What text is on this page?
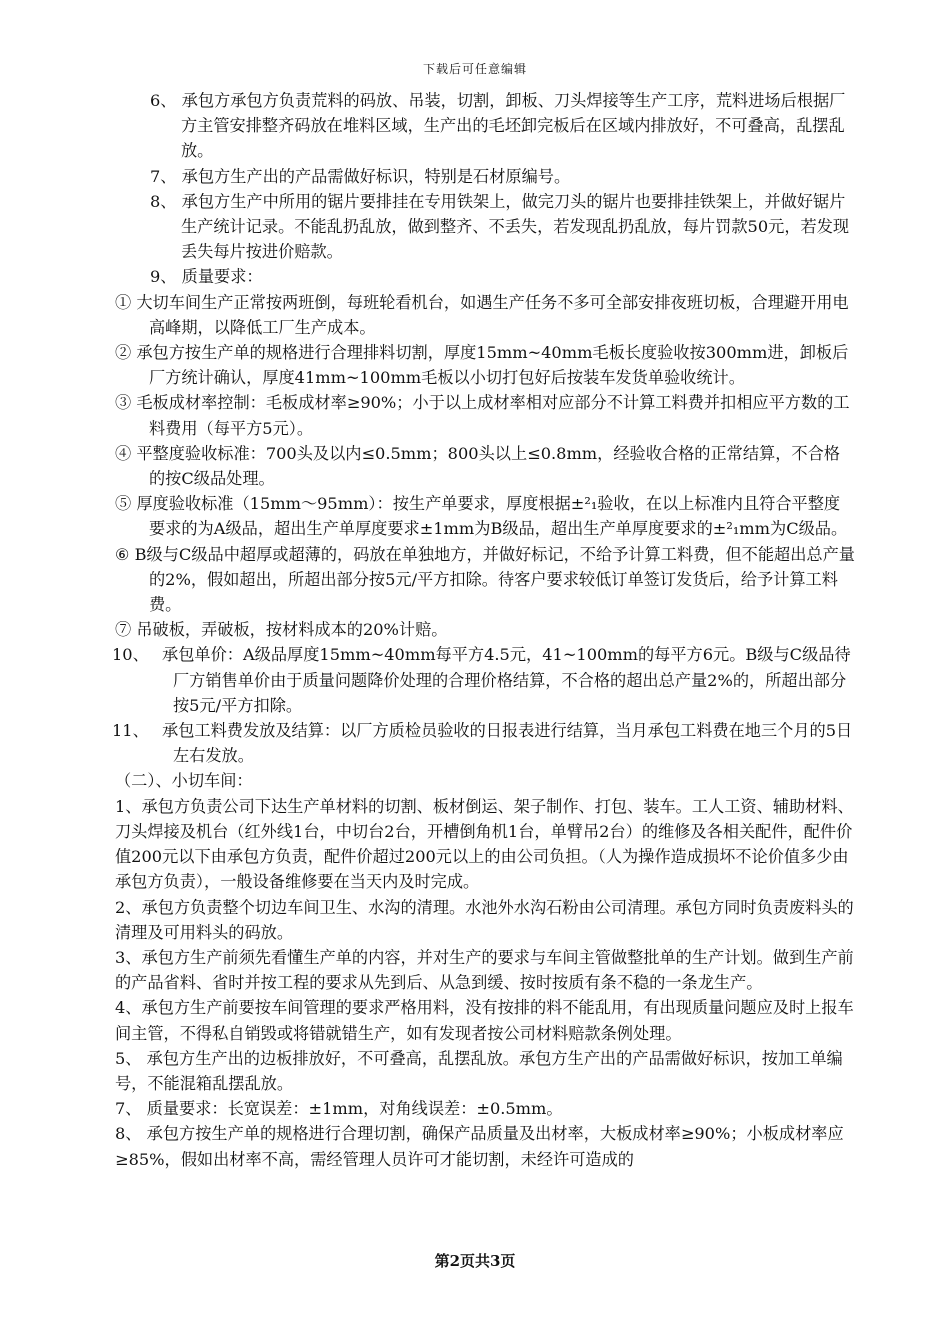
下载后可任意编辑

6、 承包方承包方负责荒料的码放、吊装，切割，卸板、刀头焊接等生产工序，荒料进场后根据厂方主管安排整齐码放在堆料区域，生产出的毛坯卸完板后在区域内排放好，不可叠高，乱摆乱放。

7、 承包方生产出的产品需做好标识，特别是石材原编号。

8、 承包方生产中所用的锯片要排挂在专用铁架上，做完刀头的锯片也要排挂铁架上，并做好锯片生产统计记录。不能乱扔乱放，做到整齐、不丢失，若发现乱扔乱放，每片罚款50元，若发现丢失每片按进价赔款。

9、 质量要求：

① 大切车间生产正常按两班倒，每班轮看机台，如遇生产任务不多可全部安排夜班切板，合理避开用电高峰期，以降低工厂生产成本。

② 承包方按生产单的规格进行合理排料切割，厚度15mm~40mm毛板长度验收按300mm进，卸板后厂方统计确认，厚度41mm~100mm毛板以小切打包好后按装车发货单验收统计。

③ 毛板成材率控制：毛板成材率≥90%；小于以上成材率相对应部分不计算工料费并扣相应平方数的工料费用（每平方5元）。

④ 平整度验收标准：700头及以内≤0.5mm；800头以上≤0.8mm，经验收合格的正常结算，不合格的按C级品处理。

⑤ 厚度验收标准（15mm～95mm）：按生产单要求，厚度根据±²₁验收，在以上标准内且符合平整度要求的为A级品，超出生产单厚度要求±1mm为B级品，超出生产单厚度要求的±²₁mm为C级品。

⑥ B级与C级品中超厚或超薄的，码放在单独地方，并做好标记，不给予计算工料费，但不能超出总产量的2%，假如超出，所超出部分按5元/平方扣除。待客户要求较低订单签订发货后，给予计算工料费。

⑦ 吊破板，弄破板，按材料成本的20%计赔。

10、　 承包单价：A级品厚度15mm~40mm每平方4.5元，41~100mm的每平方6元。B级与C级品待厂方销售单价由于质量问题降价处理的合理价格结算，不合格的超出总产量2%的，所超出部分按5元/平方扣除。

11、　 承包工料费发放及结算：以厂方质检员验收的日报表进行结算，当月承包工料费在地三个月的5日左右发放。

（二）、小切车间：

1、承包方负责公司下达生产单材料的切割、板材倒运、架子制作、打包、装车。工人工资、辅助材料、刀头焊接及机台（红外线1台，中切台2台，开槽倒角机1台，单臂吊2台）的维修及各相关配件，配件价值200元以下由承包方负责，配件价超过200元以上的由公司负担。（人为操作造成损坏不论价值多少由承包方负责），一般设备维修要在当天内及时完成。

2、承包方负责整个切边车间卫生、水沟的清理。水池外水沟石粉由公司清理。承包方同时负责废料头的清理及可用料头的码放。

3、承包方生产前须先看懂生产单的内容，并对生产的要求与车间主管做整批单的生产计划。做到生产前的产品省料、省时并按工程的要求从先到后、从急到缓、按时按质有条不稳的一条龙生产。

4、承包方生产前要按车间管理的要求严格用料，没有按排的料不能乱用，有出现质量问题应及时上报车间主管，不得私自销毁或将错就错生产，如有发现者按公司材料赔款条例处理。

5、 承包方生产出的边板排放好，不可叠高，乱摆乱放。承包方生产出的产品需做好标识，按加工单编号，不能混箱乱摆乱放。

7、 质量要求：长宽误差：±1mm，对角线误差：±0.5mm。

8、 承包方按生产单的规格进行合理切割，确保产品质量及出材率，大板成材率≥90%；小板成材率应≥85%，假如出材率不高，需经管理人员许可才能切割，未经许可造成的

第2页共3页
